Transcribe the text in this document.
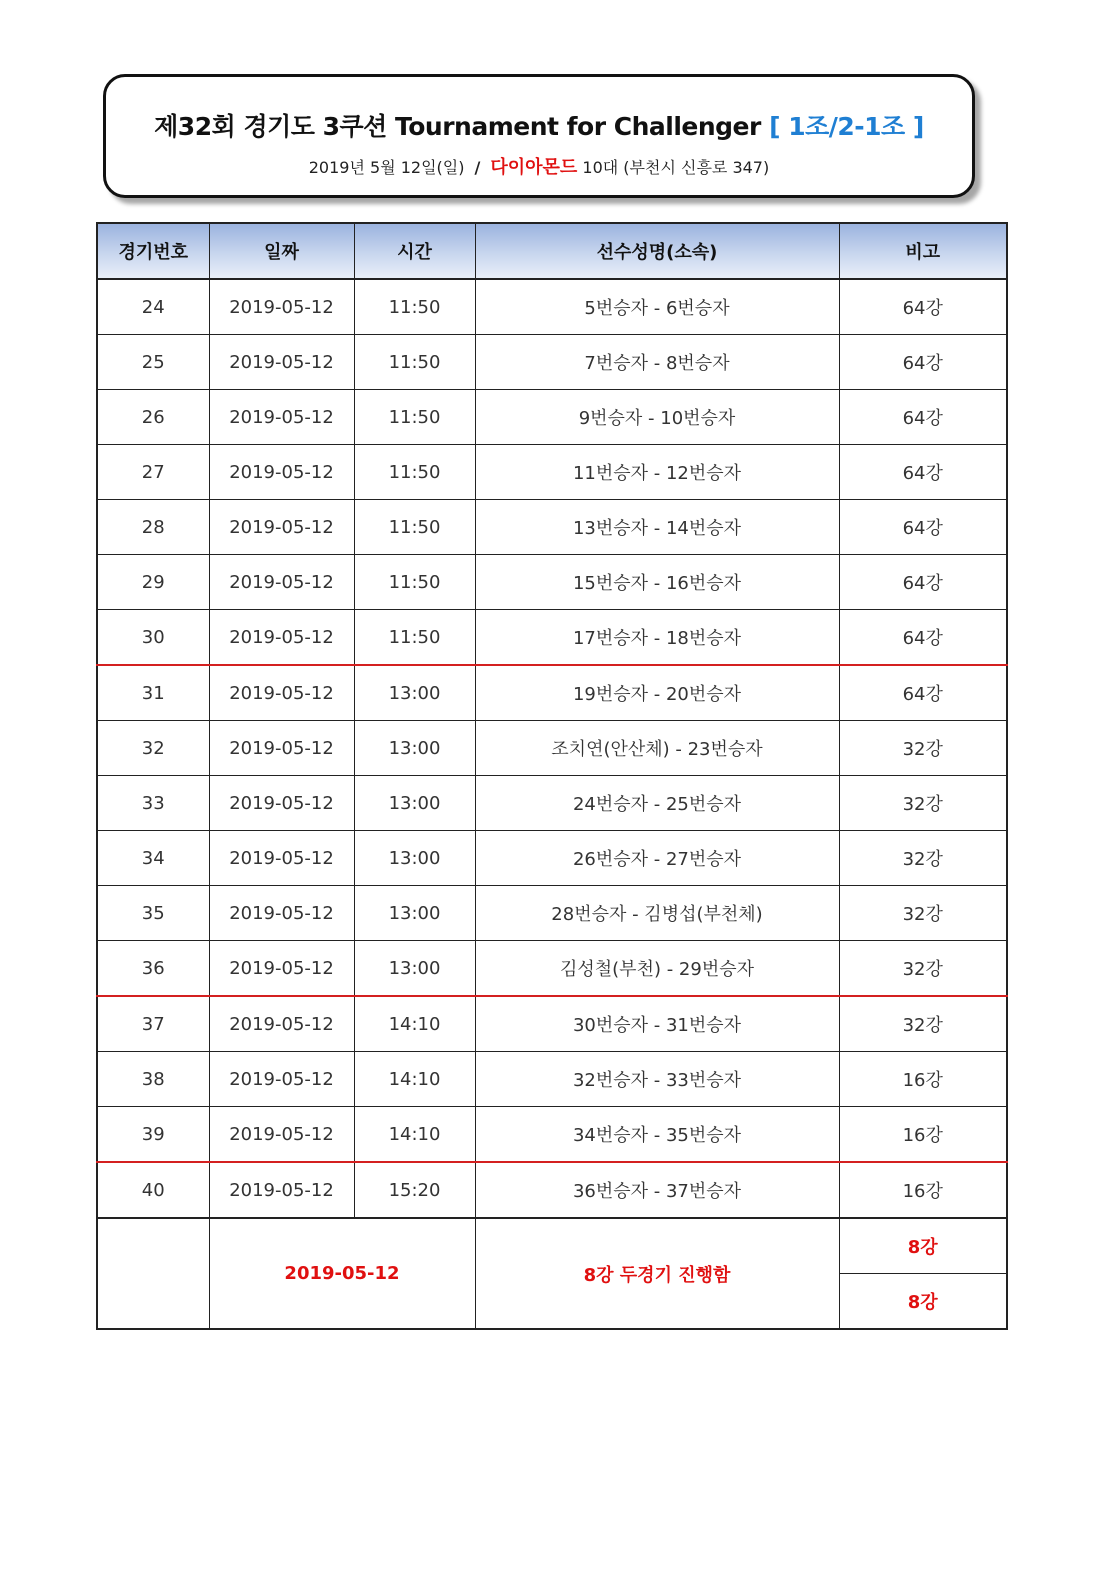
제32회 경기도 3쿠션 Tournament for Challenger [ 1조/2-1조 ]
2019년 5월 12일(일) / 다이아몬드 10대 (부천시 신흥로 347)
경기번호	일짜	시간	선수성명(소속)	비고
24	2019-05-12	11:50	5번승자 - 6번승자	64강
25	2019-05-12	11:50	7번승자 - 8번승자	64강
26	2019-05-12	11:50	9번승자 - 10번승자	64강
27	2019-05-12	11:50	11번승자 - 12번승자	64강
28	2019-05-12	11:50	13번승자 - 14번승자	64강
29	2019-05-12	11:50	15번승자 - 16번승자	64강
30	2019-05-12	11:50	17번승자 - 18번승자	64강
31	2019-05-12	13:00	19번승자 - 20번승자	64강
32	2019-05-12	13:00	조치연(안산체) - 23번승자	32강
33	2019-05-12	13:00	24번승자 - 25번승자	32강
34	2019-05-12	13:00	26번승자 - 27번승자	32강
35	2019-05-12	13:00	28번승자 - 김병섭(부천체)	32강
36	2019-05-12	13:00	김성철(부천) - 29번승자	32강
37	2019-05-12	14:10	30번승자 - 31번승자	32강
38	2019-05-12	14:10	32번승자 - 33번승자	16강
39	2019-05-12	14:10	34번승자 - 35번승자	16강
40	2019-05-12	15:20	36번승자 - 37번승자	16강
	2019-05-12		8강 두경기 진행함	8강
				8강
